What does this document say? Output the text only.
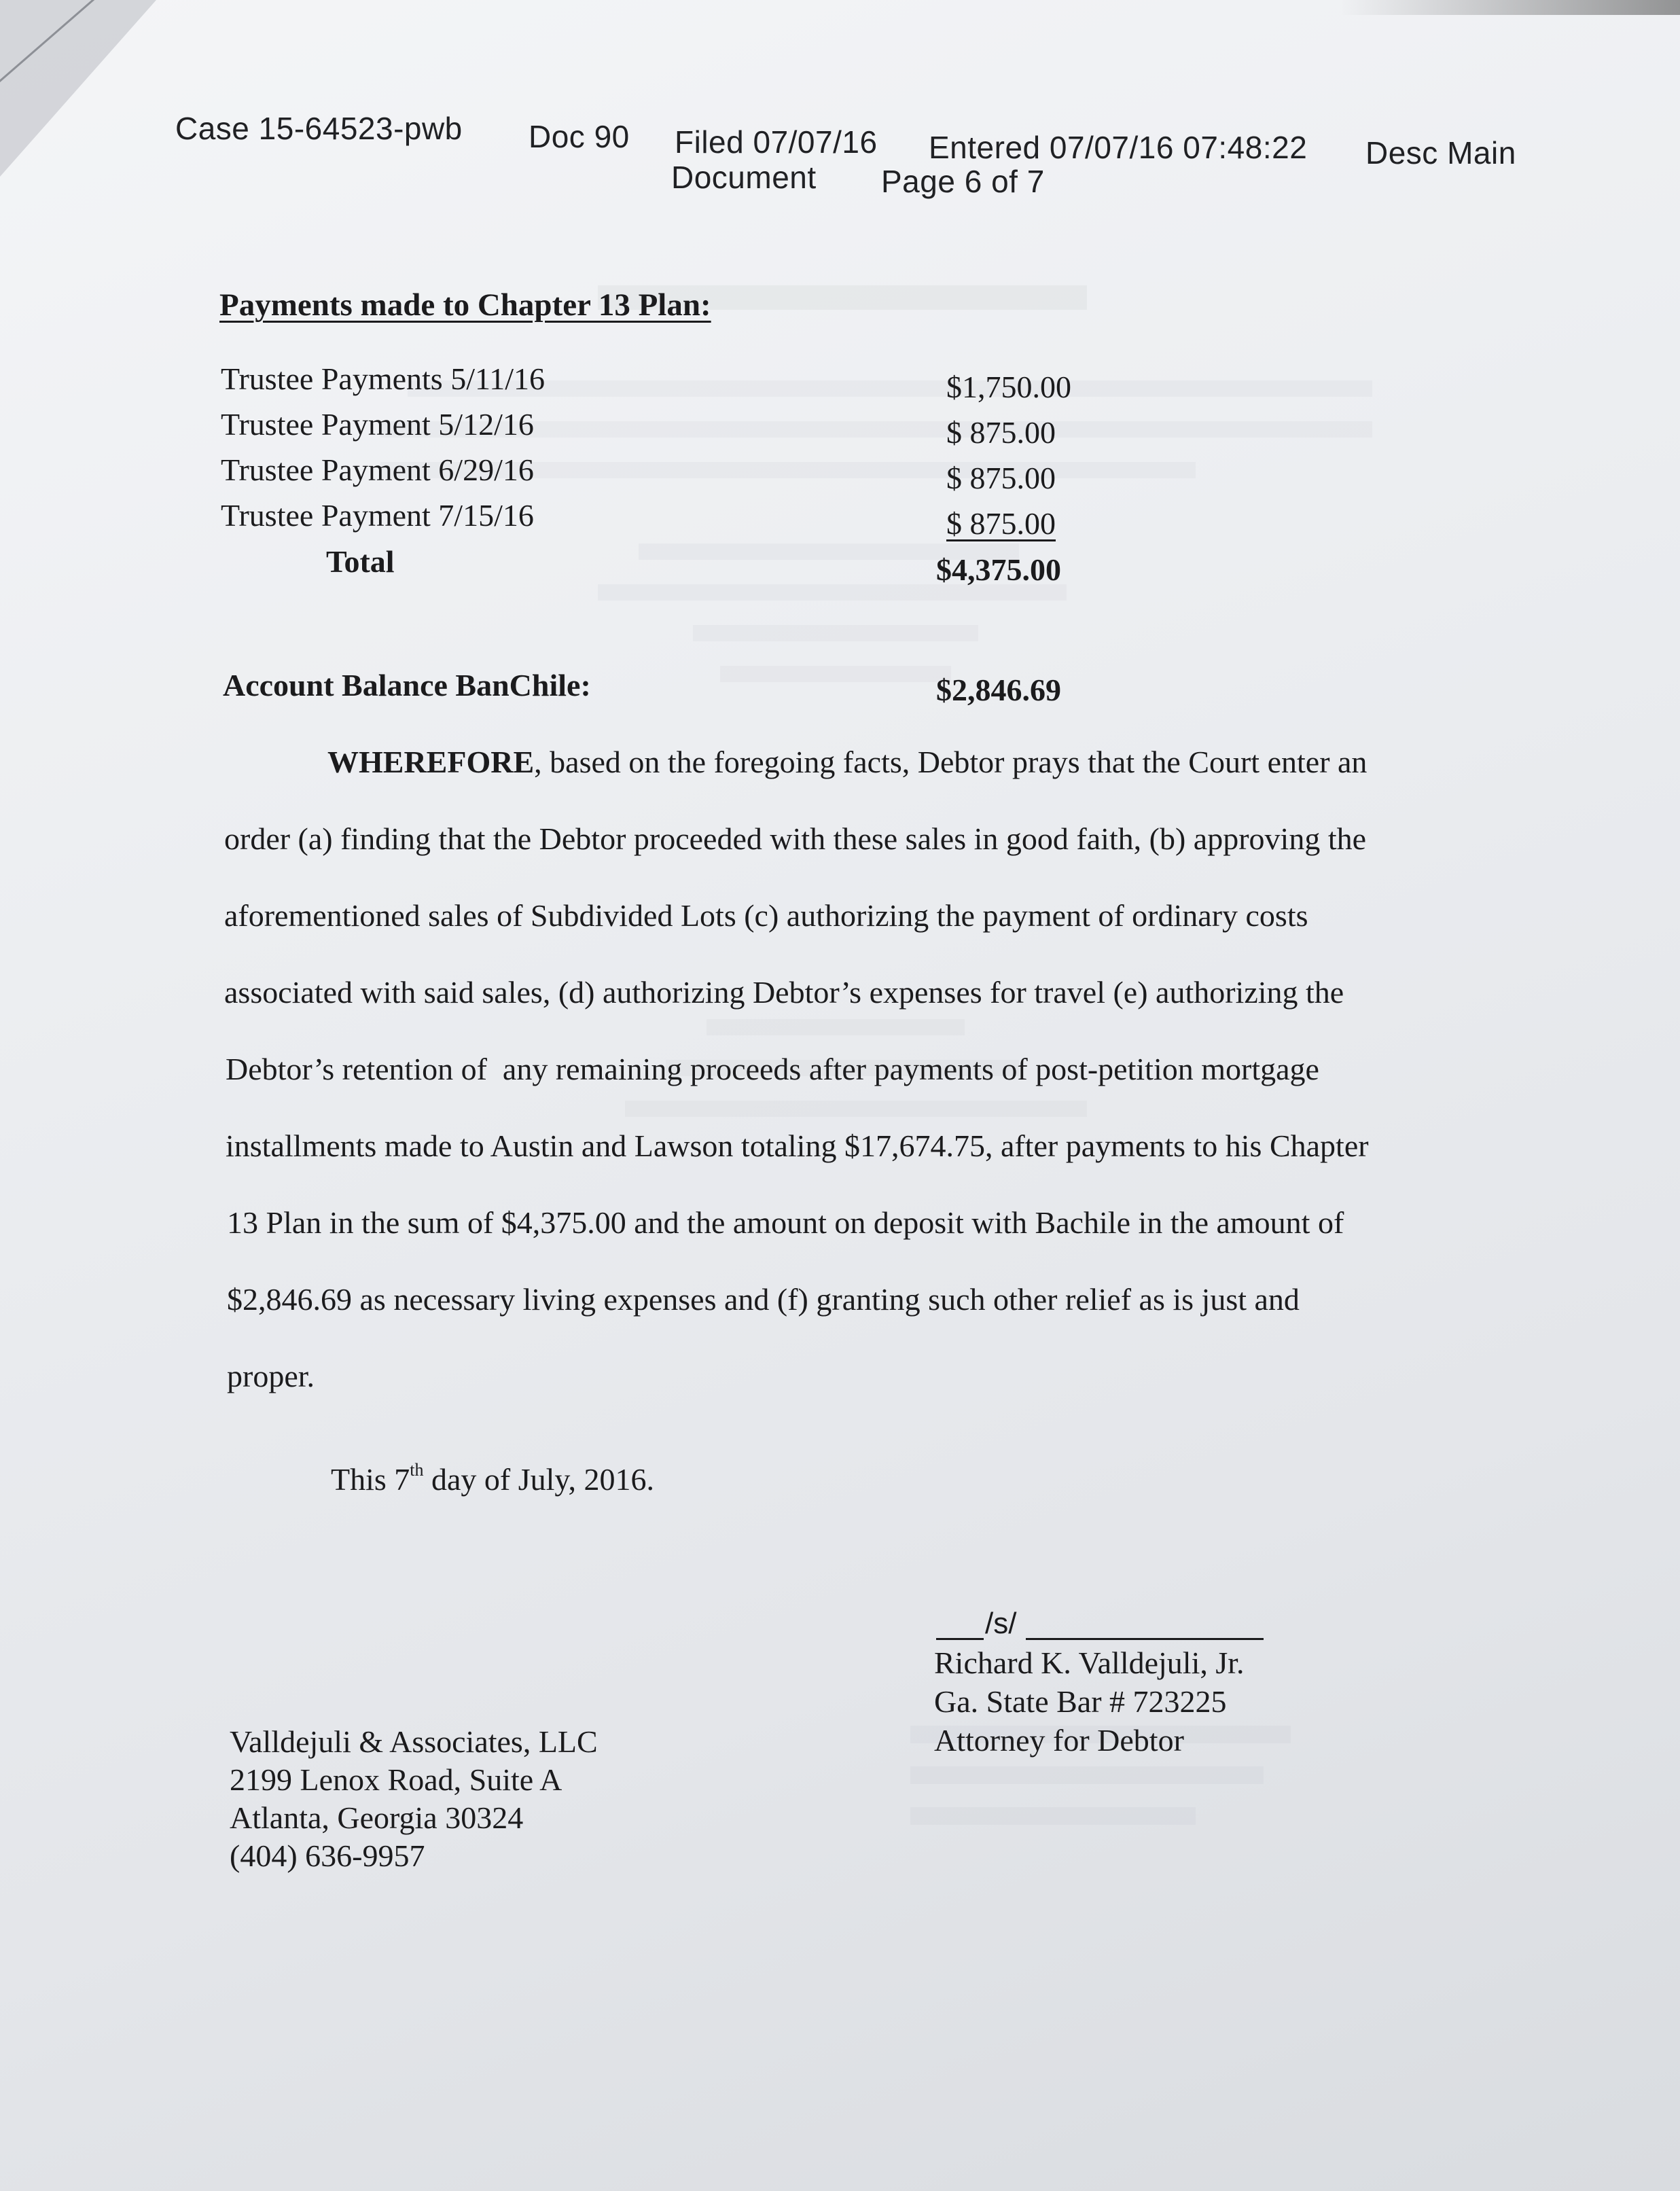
Case 15-64523-pwb Doc 90 Filed 07/07/16 Entered 07/07/16 07:48:22 Desc Main
Document Page 6 of 7
Payments made to Chapter 13 Plan:
Trustee Payments 5/11/16	$1,750.00
Trustee Payment 5/12/16	$ 875.00
Trustee Payment 6/29/16	$ 875.00
Trustee Payment 7/15/16	$ 875.00
Total	$4,375.00
Account Balance BanChile:	$2,846.69
WHEREFORE, based on the foregoing facts, Debtor prays that the Court enter an
order (a) finding that the Debtor proceeded with these sales in good faith, (b) approving the
aforementioned sales of Subdivided Lots (c) authorizing the payment of ordinary costs
associated with said sales, (d) authorizing Debtor’s expenses for travel (e) authorizing the
Debtor’s retention of  any remaining proceeds after payments of post-petition mortgage
installments made to Austin and Lawson totaling $17,674.75, after payments to his Chapter
13 Plan in the sum of $4,375.00 and the amount on deposit with Bachile in the amount of
$2,846.69 as necessary living expenses and (f) granting such other relief as is just and
proper.
This 7th day of July, 2016.
/s/
Richard K. Valldejuli, Jr.
Ga. State Bar # 723225
Attorney for Debtor
Valldejuli & Associates, LLC
2199 Lenox Road, Suite A
Atlanta, Georgia 30324
(404) 636-9957
